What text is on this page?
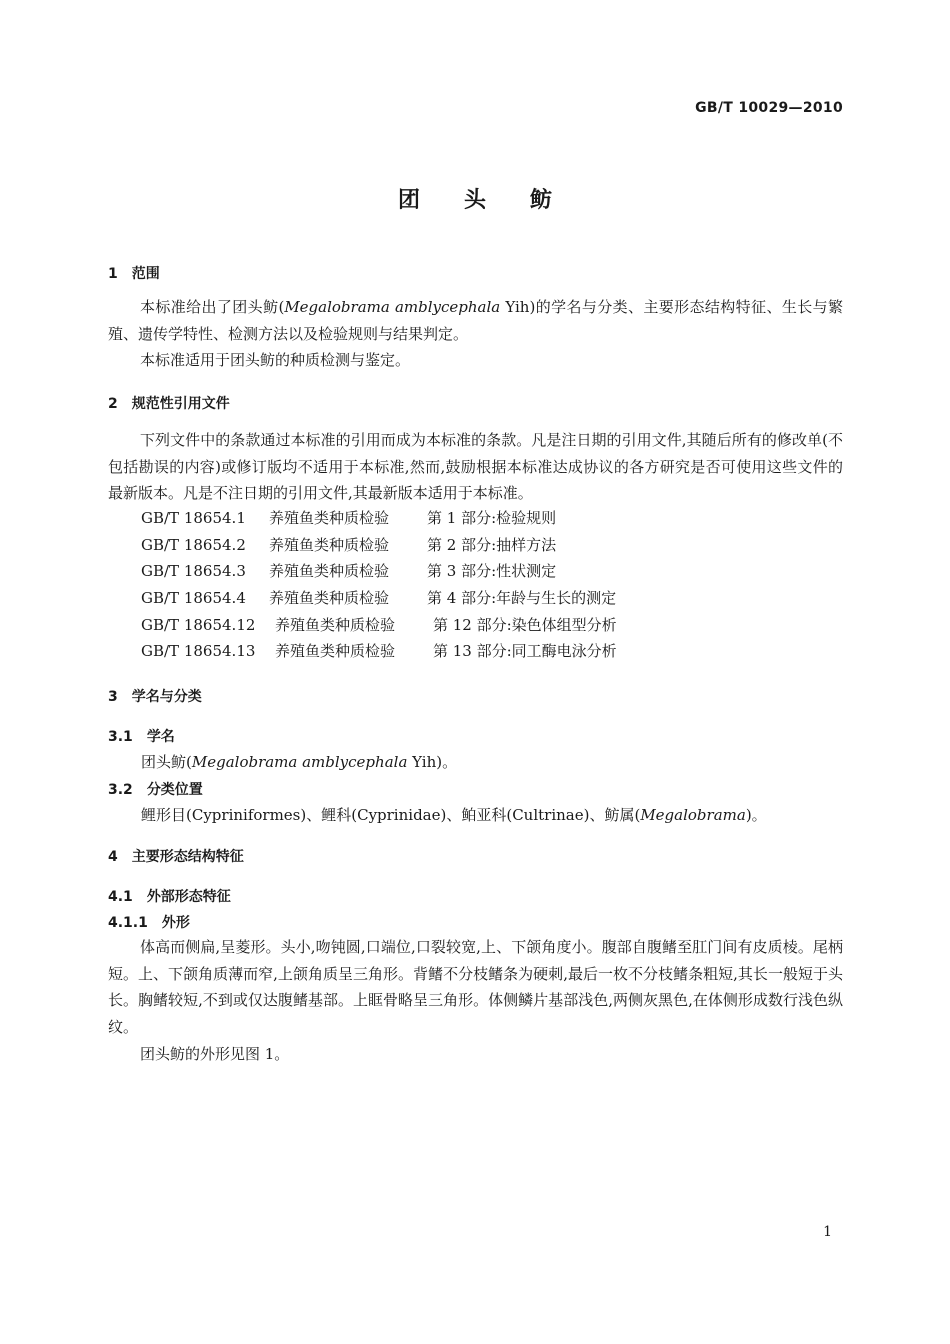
GB/T 10029—2010
团头鲂
1 范围
本标准给出了团头鲂(Megalobrama amblycephala Yih)的学名与分类、主要形态结构特征、生长与繁殖、遗传学特性、检测方法以及检验规则与结果判定。
本标准适用于团头鲂的种质检测与鉴定。
2 规范性引用文件
下列文件中的条款通过本标准的引用而成为本标准的条款。凡是注日期的引用文件,其随后所有的修改单(不包括勘误的内容)或修订版均不适用于本标准,然而,鼓励根据本标准达成协议的各方研究是否可使用这些文件的最新版本。凡是不注日期的引用文件,其最新版本适用于本标准。
GB/T 18654.1 养殖鱼类种质检验	第 1 部分:检验规则
GB/T 18654.2 养殖鱼类种质检验	第 2 部分:抽样方法
GB/T 18654.3 养殖鱼类种质检验	第 3 部分:性状测定
GB/T 18654.4 养殖鱼类种质检验	第 4 部分:年龄与生长的测定
GB/T 18654.12 养殖鱼类种质检验	第 12 部分:染色体组型分析
GB/T 18654.13 养殖鱼类种质检验	第 13 部分:同工酶电泳分析
3 学名与分类
3.1 学名
团头鲂(Megalobrama amblycephala Yih)。
3.2 分类位置
鲤形目(Cypriniformes)、鲤科(Cyprinidae)、鲌亚科(Cultrinae)、鲂属(Megalobrama)。
4 主要形态结构特征
4.1 外部形态特征
4.1.1 外形
体高而侧扁,呈菱形。头小,吻钝圆,口端位,口裂较宽,上、下颌角度小。腹部自腹鳍至肛门间有皮质棱。尾柄短。上、下颌角质薄而窄,上颌角质呈三角形。背鳍不分枝鳍条为硬刺,最后一枚不分枝鳍条粗短,其长一般短于头长。胸鳍较短,不到或仅达腹鳍基部。上眶骨略呈三角形。体侧鳞片基部浅色,两侧灰黑色,在体侧形成数行浅色纵纹。
团头鲂的外形见图 1。
1
